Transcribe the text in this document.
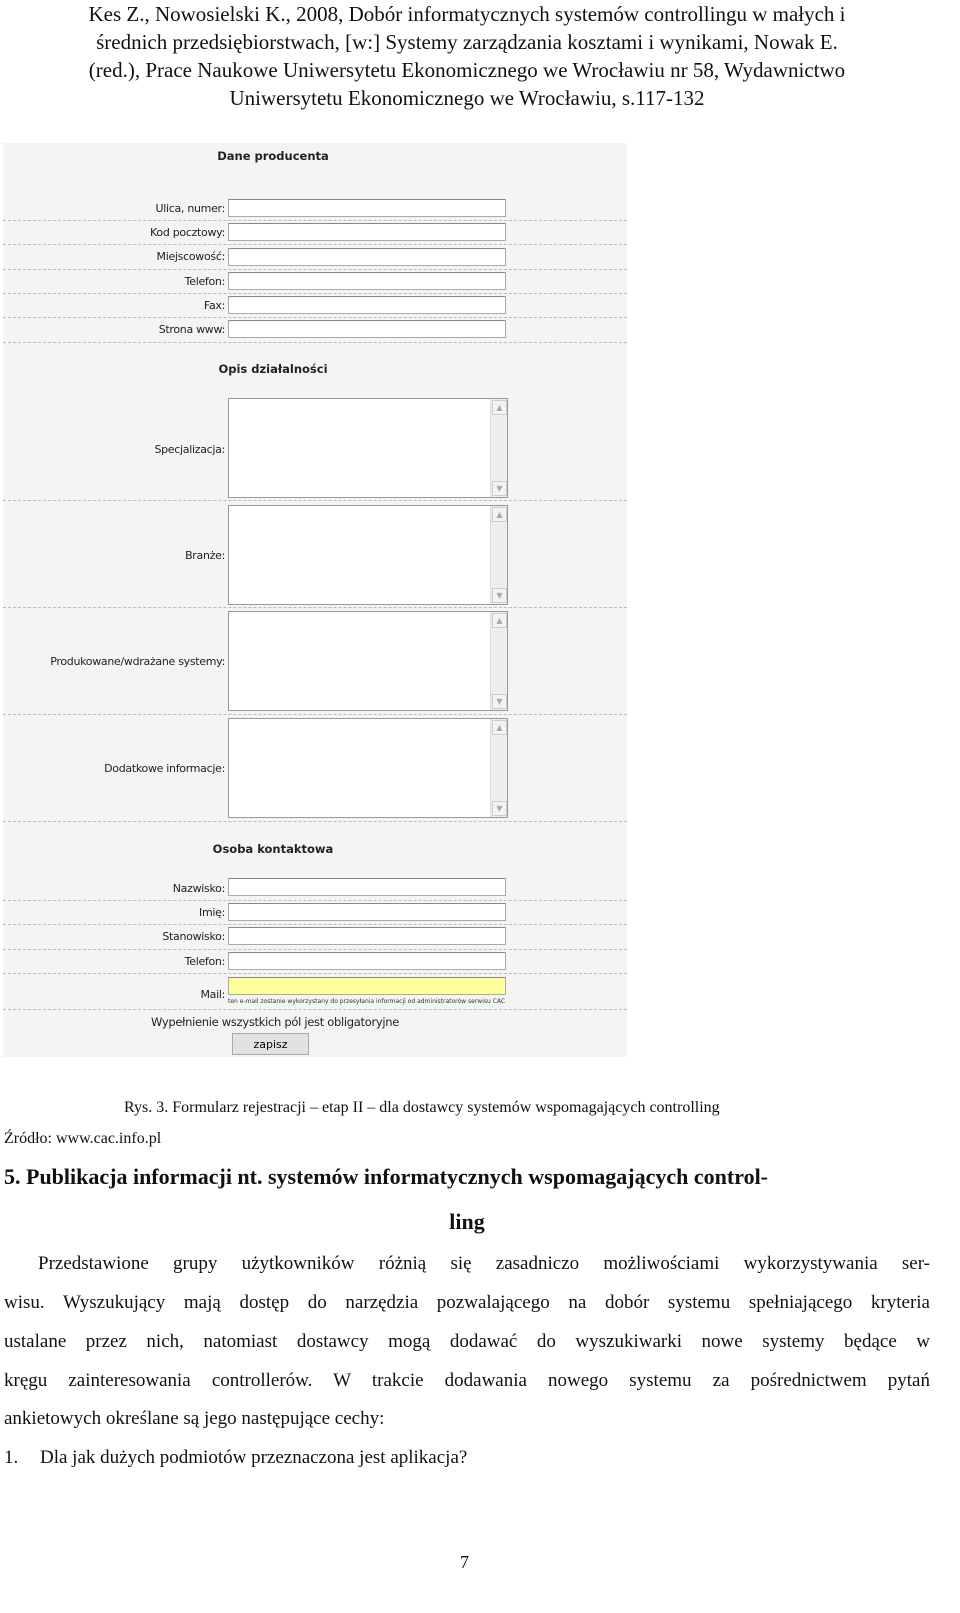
Kes Z., Nowosielski K., 2008, Dobór informatycznych systemów controllingu w małych i
średnich przedsiębiorstwach, [w:] Systemy zarządzania kosztami i wynikami, Nowak E.
(red.), Prace Naukowe Uniwersytetu Ekonomicznego we Wrocławiu nr 58, Wydawnictwo
Uniwersytetu Ekonomicznego we Wrocławiu, s.117-132
Dane producenta
Ulica, numer:
Kod pocztowy:
Miejscowość:
Telefon:
Fax:
Strona www:
Opis działalności
Specjalizacja:
▲
▼
Branże:
▲
▼
Produkowane/wdrażane systemy:
▲
▼
Dodatkowe informacje:
▲
▼
Osoba kontaktowa
Nazwisko:
Imię:
Stanowisko:
Telefon:
Mail:
ten e-mail zostanie wykorzystany do przesyłania informacji od administratorów serwisu CAC
Wypełnienie wszystkich pól jest obligatoryjne
zapisz
Rys. 3. Formularz rejestracji – etap II – dla dostawcy systemów wspomagających controlling
Źródło: www.cac.info.pl
5. Publikacja informacji nt. systemów informatycznych wspomagających control-
ling
Przedstawione grupy użytkowników różnią się zasadniczo możliwościami wykorzystywania ser-
wisu. Wyszukujący mają dostęp do narzędzia pozwalającego na dobór systemu spełniającego kryteria
ustalane przez nich, natomiast dostawcy mogą dodawać do wyszukiwarki nowe systemy będące w
kręgu zainteresowania controllerów. W trakcie dodawania nowego systemu za pośrednictwem pytań
ankietowych określane są jego następujące cechy:
1. Dla jak dużych podmiotów przeznaczona jest aplikacja?
7
